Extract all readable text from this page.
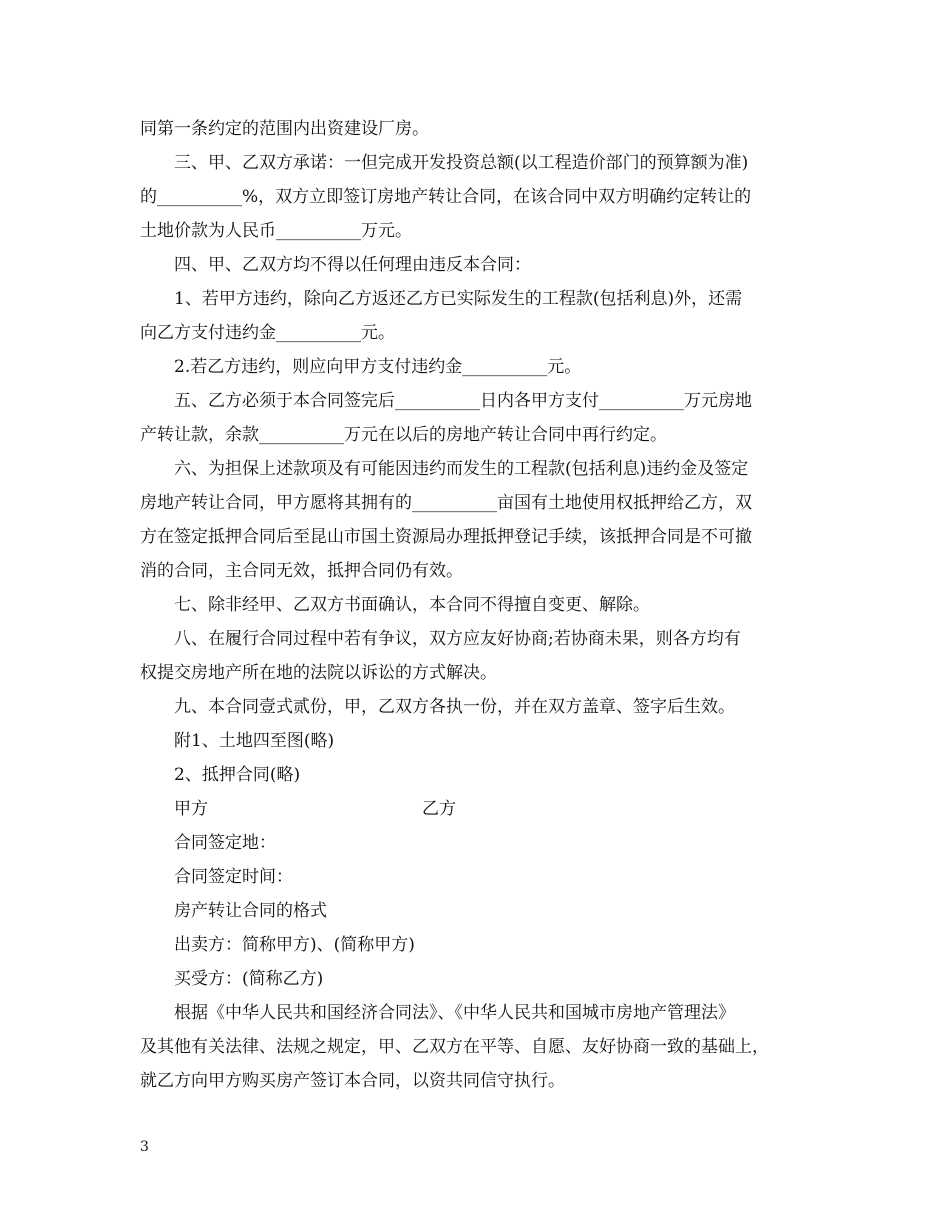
同第一条约定的范围内出资建设厂房。
三、甲、乙双方承诺：一但完成开发投资总额(以工程造价部门的预算额为准)
的__________%，双方立即签订房地产转让合同，在该合同中双方明确约定转让的
土地价款为人民币__________万元。
四、甲、乙双方均不得以任何理由违反本合同：
1、若甲方违约，除向乙方返还乙方已实际发生的工程款(包括利息)外，还需
向乙方支付违约金__________元。
2.若乙方违约，则应向甲方支付违约金__________元。
五、乙方必须于本合同签完后__________日内各甲方支付__________万元房地
产转让款，余款__________万元在以后的房地产转让合同中再行约定。
六、为担保上述款项及有可能因违约而发生的工程款(包括利息)违约金及签定
房地产转让合同，甲方愿将其拥有的__________亩国有土地使用权抵押给乙方，双
方在签定抵押合同后至昆山市国土资源局办理抵押登记手续，该抵押合同是不可撤
消的合同，主合同无效，抵押合同仍有效。
七、除非经甲、乙双方书面确认，本合同不得擅自变更、解除。
八、在履行合同过程中若有争议，双方应友好协商;若协商未果，则各方均有
权提交房地产所在地的法院以诉讼的方式解决。
九、本合同壹式贰份，甲，乙双方各执一份，并在双方盖章、签字后生效。
附1、土地四至图(略)
2、抵押合同(略)
甲方	乙方
合同签定地：
合同签定时间：
房产转让合同的格式
出卖方：简称甲方)、(简称甲方)
买受方：(简称乙方)
根据《中华人民共和国经济合同法》、《中华人民共和国城市房地产管理法》
及其他有关法律、法规之规定，甲、乙双方在平等、自愿、友好协商一致的基础上，
就乙方向甲方购买房产签订本合同，以资共同信守执行。
3
